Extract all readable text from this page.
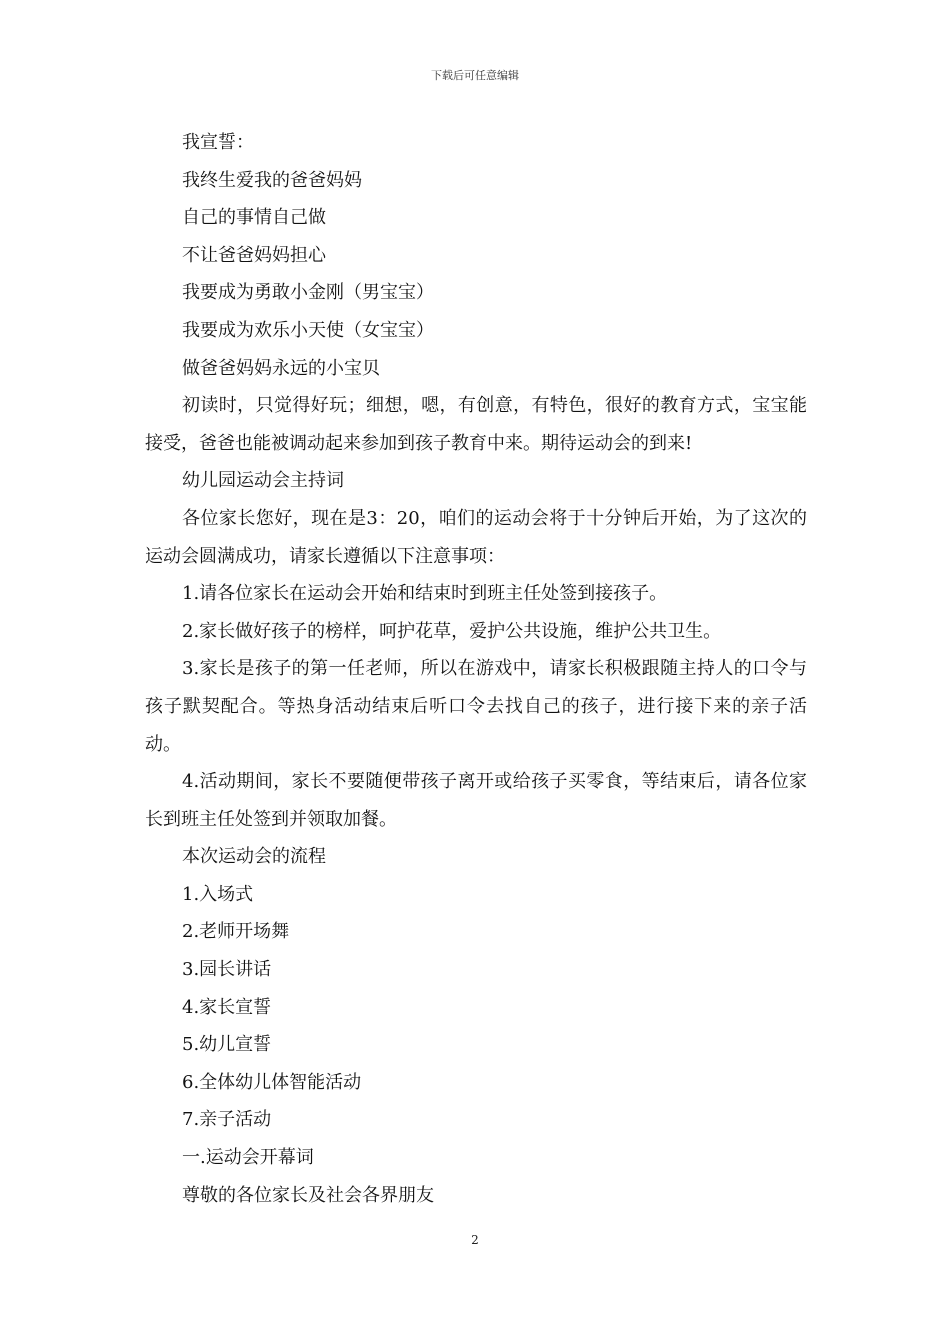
下载后可任意编辑

我宣誓：

我终生爱我的爸爸妈妈

自己的事情自己做

不让爸爸妈妈担心

我要成为勇敢小金刚（男宝宝）

我要成为欢乐小天使（女宝宝）

做爸爸妈妈永远的小宝贝

初读时，只觉得好玩；细想，嗯，有创意，有特色，很好的教育方式，宝宝能接受，爸爸也能被调动起来参加到孩子教育中来。期待运动会的到来!

幼儿园运动会主持词

各位家长您好，现在是3：20，咱们的运动会将于十分钟后开始，为了这次的运动会圆满成功，请家长遵循以下注意事项：

1.请各位家长在运动会开始和结束时到班主任处签到接孩子。

2.家长做好孩子的榜样，呵护花草，爱护公共设施，维护公共卫生。

3.家长是孩子的第一任老师，所以在游戏中，请家长积极跟随主持人的口令与孩子默契配合。等热身活动结束后听口令去找自己的孩子，进行接下来的亲子活动。

4.活动期间，家长不要随便带孩子离开或给孩子买零食，等结束后，请各位家长到班主任处签到并领取加餐。

本次运动会的流程

1.入场式

2.老师开场舞

3.园长讲话

4.家长宣誓

5.幼儿宣誓

6.全体幼儿体智能活动

7.亲子活动

一.运动会开幕词

尊敬的各位家长及社会各界朋友

2
